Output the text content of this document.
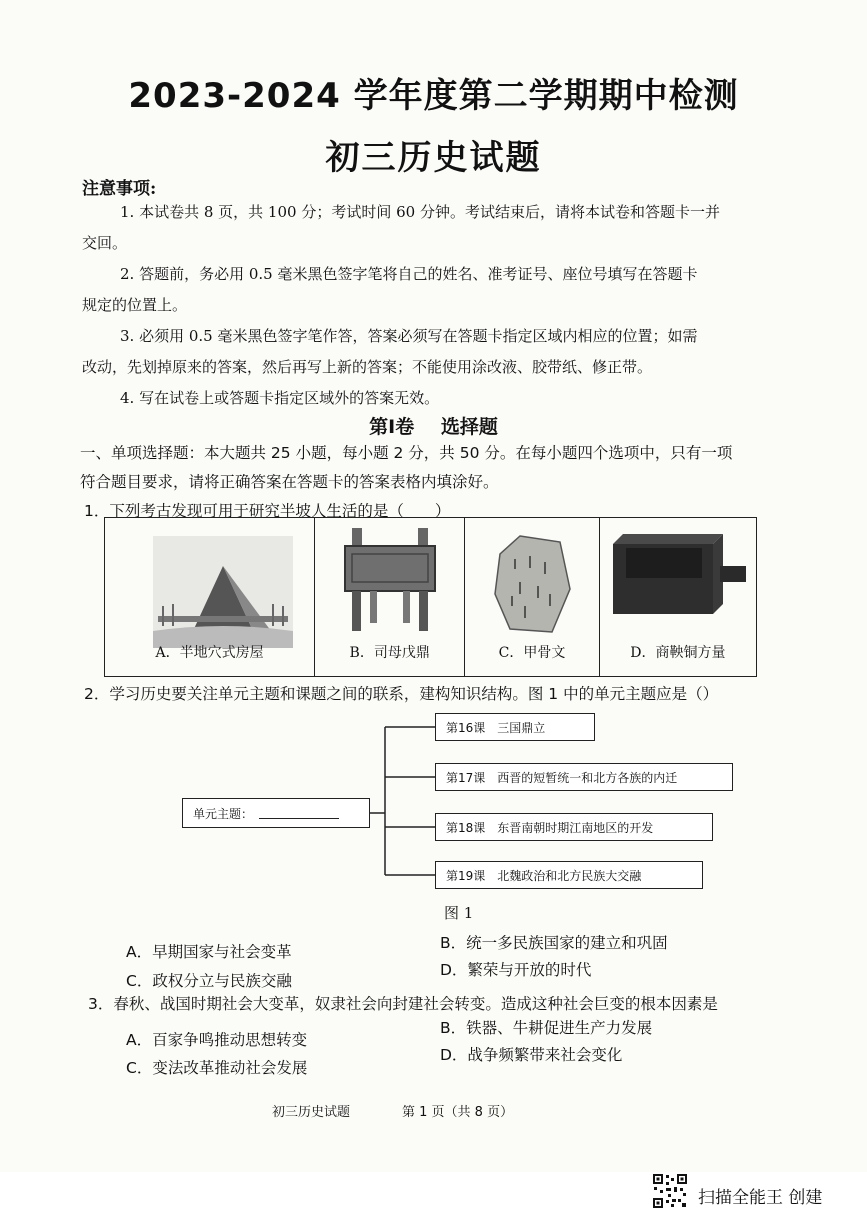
2023-2024 学年度第二学期期中检测
初三历史试题
注意事项:
1. 本试卷共 8 页，共 100 分；考试时间 60 分钟。考试结束后，请将本试卷和答题卡一并
交回。
2. 答题前，务必用 0.5 毫米黑色签字笔将自己的姓名、准考证号、座位号填写在答题卡
规定的位置上。
3. 必须用 0.5 毫米黑色签字笔作答，答案必须写在答题卡指定区域内相应的位置；如需
改动，先划掉原来的答案，然后再写上新的答案；不能使用涂改液、胶带纸、修正带。
4. 写在试卷上或答题卡指定区域外的答案无效。
第Ⅰ卷 选择题
一、单项选择题：本大题共 25 小题，每小题 2 分，共 50 分。在每小题四个选项中，只有一项
符合题目要求，请将正确答案在答题卡的答案表格内填涂好。
1．下列考古发现可用于研究半坡人生活的是（　　）
A．半地穴式房屋	B．司母戊鼎	C．甲骨文	D．商鞅铜方量
2．学习历史要关注单元主题和课题之间的联系，建构知识结构。图 1 中的单元主题应是（）
单元主题：
第16课　三国鼎立
第17课　西晋的短暂统一和北方各族的内迁
第18课　东晋南朝时期江南地区的开发
第19课　北魏政治和北方民族大交融
图 1
A．早期国家与社会变革	B．统一多民族国家的建立和巩固
C．政权分立与民族交融
D．繁荣与开放的时代
3．春秋、战国时期社会大变革，奴隶社会向封建社会转变。造成这种社会巨变的根本因素是
A．百家争鸣推动思想转变
B．铁器、牛耕促进生产力发展
C．变法改革推动社会发展
D．战争频繁带来社会变化
初三历史试题	第 1 页（共 8 页）
扫描全能王 创建
